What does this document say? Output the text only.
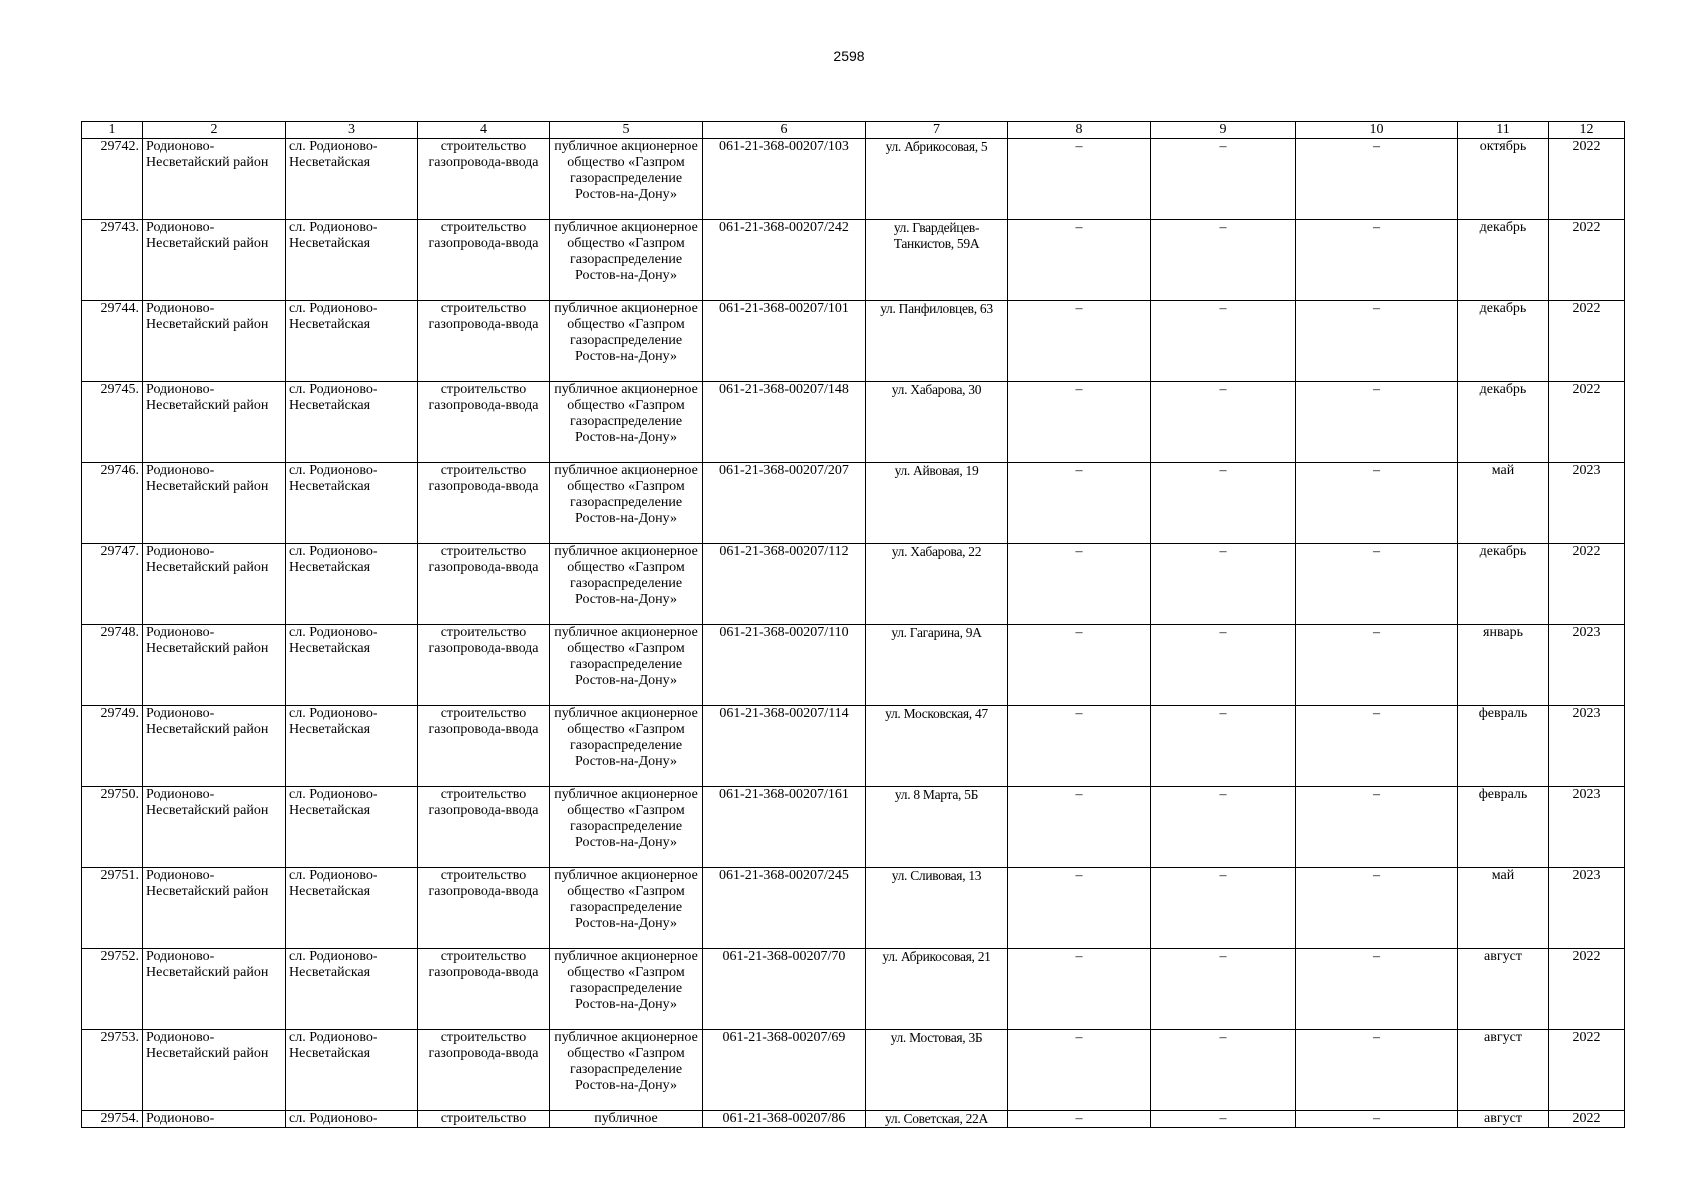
2598
1	2	3	4	5	6	7	8	9	10	11	12
29742.	Родионово-Несветайский район	сл. Родионово-Несветайская	строительство газопровода-ввода	публичное акционерное общество «Газпром газораспределение Ростов-на-Дону»	061-21-368-00207/103	ул. Абрикосовая, 5	–	–	–	октябрь	2022
29743.	Родионово-Несветайский район	сл. Родионово-Несветайская	строительство газопровода-ввода	публичное акционерное общество «Газпром газораспределение Ростов-на-Дону»	061-21-368-00207/242	ул. Гвардейцев-Танкистов, 59А	–	–	–	декабрь	2022
29744.	Родионово-Несветайский район	сл. Родионово-Несветайская	строительство газопровода-ввода	публичное акционерное общество «Газпром газораспределение Ростов-на-Дону»	061-21-368-00207/101	ул. Панфиловцев, 63	–	–	–	декабрь	2022
29745.	Родионово-Несветайский район	сл. Родионово-Несветайская	строительство газопровода-ввода	публичное акционерное общество «Газпром газораспределение Ростов-на-Дону»	061-21-368-00207/148	ул. Хабарова, 30	–	–	–	декабрь	2022
29746.	Родионово-Несветайский район	сл. Родионово-Несветайская	строительство газопровода-ввода	публичное акционерное общество «Газпром газораспределение Ростов-на-Дону»	061-21-368-00207/207	ул. Айвовая, 19	–	–	–	май	2023
29747.	Родионово-Несветайский район	сл. Родионово-Несветайская	строительство газопровода-ввода	публичное акционерное общество «Газпром газораспределение Ростов-на-Дону»	061-21-368-00207/112	ул. Хабарова, 22	–	–	–	декабрь	2022
29748.	Родионово-Несветайский район	сл. Родионово-Несветайская	строительство газопровода-ввода	публичное акционерное общество «Газпром газораспределение Ростов-на-Дону»	061-21-368-00207/110	ул. Гагарина, 9А	–	–	–	январь	2023
29749.	Родионово-Несветайский район	сл. Родионово-Несветайская	строительство газопровода-ввода	публичное акционерное общество «Газпром газораспределение Ростов-на-Дону»	061-21-368-00207/114	ул. Московская, 47	–	–	–	февраль	2023
29750.	Родионово-Несветайский район	сл. Родионово-Несветайская	строительство газопровода-ввода	публичное акционерное общество «Газпром газораспределение Ростов-на-Дону»	061-21-368-00207/161	ул. 8 Марта, 5Б	–	–	–	февраль	2023
29751.	Родионово-Несветайский район	сл. Родионово-Несветайская	строительство газопровода-ввода	публичное акционерное общество «Газпром газораспределение Ростов-на-Дону»	061-21-368-00207/245	ул. Сливовая, 13	–	–	–	май	2023
29752.	Родионово-Несветайский район	сл. Родионово-Несветайская	строительство газопровода-ввода	публичное акционерное общество «Газпром газораспределение Ростов-на-Дону»	061-21-368-00207/70	ул. Абрикосовая, 21	–	–	–	август	2022
29753.	Родионово-Несветайский район	сл. Родионово-Несветайская	строительство газопровода-ввода	публичное акционерное общество «Газпром газораспределение Ростов-на-Дону»	061-21-368-00207/69	ул. Мостовая, 3Б	–	–	–	август	2022
29754.	Родионово-	сл. Родионово-	строительство	публичное	061-21-368-00207/86	ул. Советская, 22А	–	–	–	август	2022
